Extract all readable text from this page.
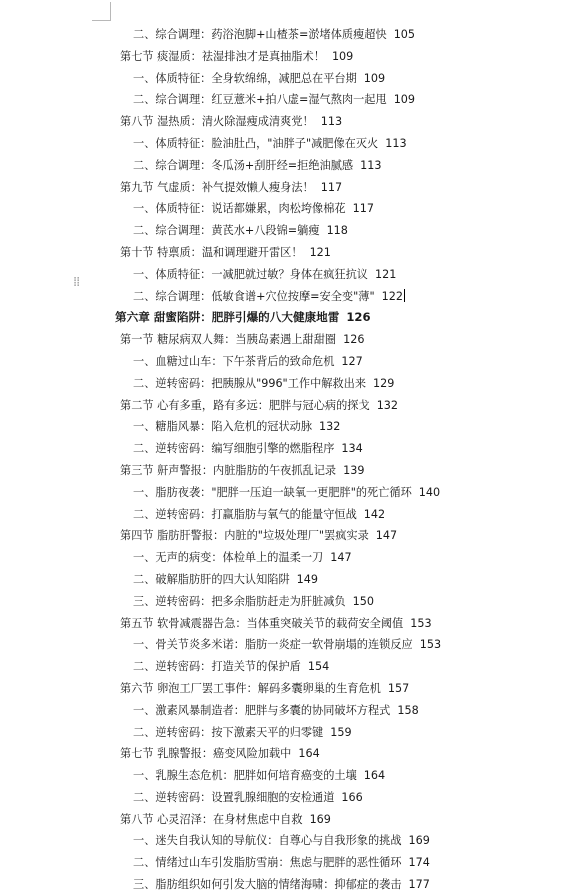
⁞⁞
二、综合调理：药浴泡脚+山楂茶=淤堵体质瘦超快 105
第七节 痰湿质：祛湿排浊才是真抽脂术！ 109
一、体质特征：全身软绵绵，减肥总在平台期 109
二、综合调理：红豆薏米+拍八虚=湿气熬肉一起甩 109
第八节 湿热质：清火除湿瘦成清爽党！ 113
一、体质特征：脸油肚凸，"油胖子"减肥像在灭火 113
二、综合调理：冬瓜汤+刮肝经=拒绝油腻感 113
第九节 气虚质：补气提效懒人瘦身法！ 117
一、体质特征：说话都嫌累，肉松垮像棉花 117
二、综合调理：黄芪水+八段锦=躺瘦 118
第十节 特禀质：温和调理避开雷区！ 121
一、体质特征：一减肥就过敏？身体在疯狂抗议 121
二、综合调理：低敏食谱+穴位按摩=安全变"薄" 122
第六章 甜蜜陷阱：肥胖引爆的八大健康地雷 126
第一节 糖尿病双人舞：当胰岛素遇上甜甜圈 126
一、血糖过山车：下午茶背后的致命危机 127
二、逆转密码：把胰腺从"996"工作中解救出来 129
第二节 心有多重，路有多远：肥胖与冠心病的探戈 132
一、糖脂风暴：陷入危机的冠状动脉 132
二、逆转密码：编写细胞引擎的燃脂程序 134
第三节 鼾声警报：内脏脂肪的午夜抓乱记录 139
一、脂肪夜袭："肥胖一压迫一缺氧一更肥胖"的死亡循环 140
二、逆转密码：打赢脂肪与氧气的能量守恒战 142
第四节 脂肪肝警报：内脏的"垃圾处理厂"罢疯实录 147
一、无声的病变：体检单上的温柔一刀 147
二、破解脂肪肝的四大认知陷阱 149
三、逆转密码：把多余脂肪赶走为肝脏减负 150
第五节 软骨减震器告急：当体重突破关节的载荷安全阈值 153
一、骨关节炎多米诺：脂肪一炎症一软骨崩塌的连锁反应 153
二、逆转密码：打造关节的保护盾 154
第六节 卵泡工厂罢工事件：解码多囊卵巢的生育危机 157
一、激素风暴制造者：肥胖与多囊的协同破坏方程式 158
二、逆转密码：按下激素天平的归零键 159
第七节 乳腺警报：癌变风险加载中 164
一、乳腺生态危机：肥胖如何培育癌变的土壤 164
二、逆转密码：设置乳腺细胞的安检通道 166
第八节 心灵沼泽：在身材焦虑中自救 169
一、迷失自我认知的导航仪：自尊心与自我形象的挑战 169
二、情绪过山车引发脂肪雪崩：焦虑与肥胖的恶性循环 174
三、脂肪组织如何引发大脑的情绪海啸：抑郁症的袭击 177
